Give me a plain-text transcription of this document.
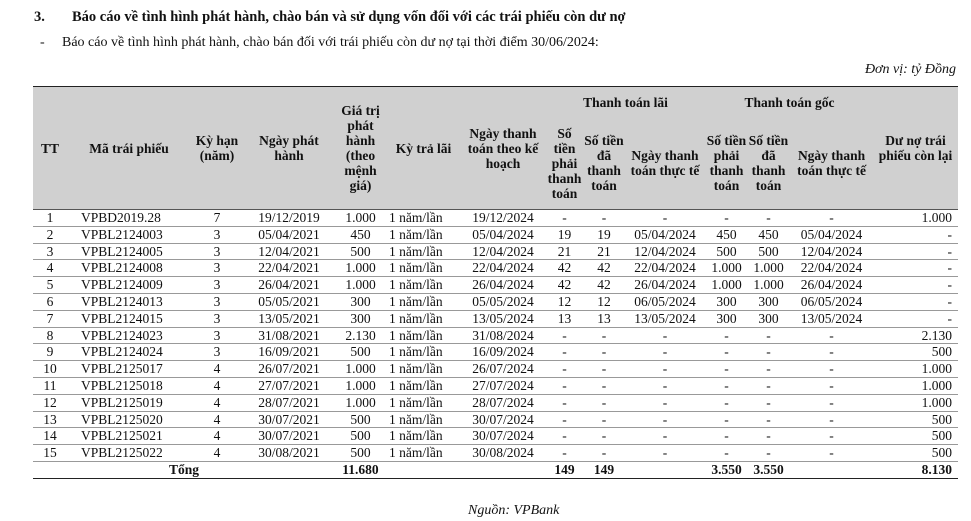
3. Báo cáo về tình hình phát hành, chào bán và sử dụng vốn đối với các trái phiếu còn dư nợ
- Báo cáo về tình hình phát hành, chào bán đối với trái phiếu còn dư nợ tại thời điểm 30/06/2024:
Đơn vị: tỷ Đồng
TT	Mã trái phiếu	Kỳ hạn (năm)	Ngày phát hành	Giá trị phát hành (theo mệnh giá)	Kỳ trả lãi	Ngày thanh toán theo kế hoạch	Thanh toán lãi			Thanh toán gốc			Dư nợ trái phiếu còn lại
							Số tiền phải thanh toán	Số tiền đã thanh toán	Ngày thanh toán thực tế	Số tiền phải thanh toán	Số tiền đã thanh toán	Ngày thanh toán thực tế	
1	VPBD2019.28	7	19/12/2019	1.000	1 năm/lần	19/12/2024	-	-	-	-	-	-	1.000
2	VPBL2124003	3	05/04/2021	450	1 năm/lần	05/04/2024	19	19	05/04/2024	450	450	05/04/2024	-
3	VPBL2124005	3	12/04/2021	500	1 năm/lần	12/04/2024	21	21	12/04/2024	500	500	12/04/2024	-
4	VPBL2124008	3	22/04/2021	1.000	1 năm/lần	22/04/2024	42	42	22/04/2024	1.000	1.000	22/04/2024	-
5	VPBL2124009	3	26/04/2021	1.000	1 năm/lần	26/04/2024	42	42	26/04/2024	1.000	1.000	26/04/2024	-
6	VPBL2124013	3	05/05/2021	300	1 năm/lần	05/05/2024	12	12	06/05/2024	300	300	06/05/2024	-
7	VPBL2124015	3	13/05/2021	300	1 năm/lần	13/05/2024	13	13	13/05/2024	300	300	13/05/2024	-
8	VPBL2124023	3	31/08/2021	2.130	1 năm/lần	31/08/2024	-	-	-	-	-	-	2.130
9	VPBL2124024	3	16/09/2021	500	1 năm/lần	16/09/2024	-	-	-	-	-	-	500
10	VPBL2125017	4	26/07/2021	1.000	1 năm/lần	26/07/2024	-	-	-	-	-	-	1.000
11	VPBL2125018	4	27/07/2021	1.000	1 năm/lần	27/07/2024	-	-	-	-	-	-	1.000
12	VPBL2125019	4	28/07/2021	1.000	1 năm/lần	28/07/2024	-	-	-	-	-	-	1.000
13	VPBL2125020	4	30/07/2021	500	1 năm/lần	30/07/2024	-	-	-	-	-	-	500
14	VPBL2125021	4	30/07/2021	500	1 năm/lần	30/07/2024	-	-	-	-	-	-	500
15	VPBL2125022	4	30/08/2021	500	1 năm/lần	30/08/2024	-	-	-	-	-	-	500
Tổng				11.680			149	149		3.550	3.550		8.130
Nguồn: VPBank
